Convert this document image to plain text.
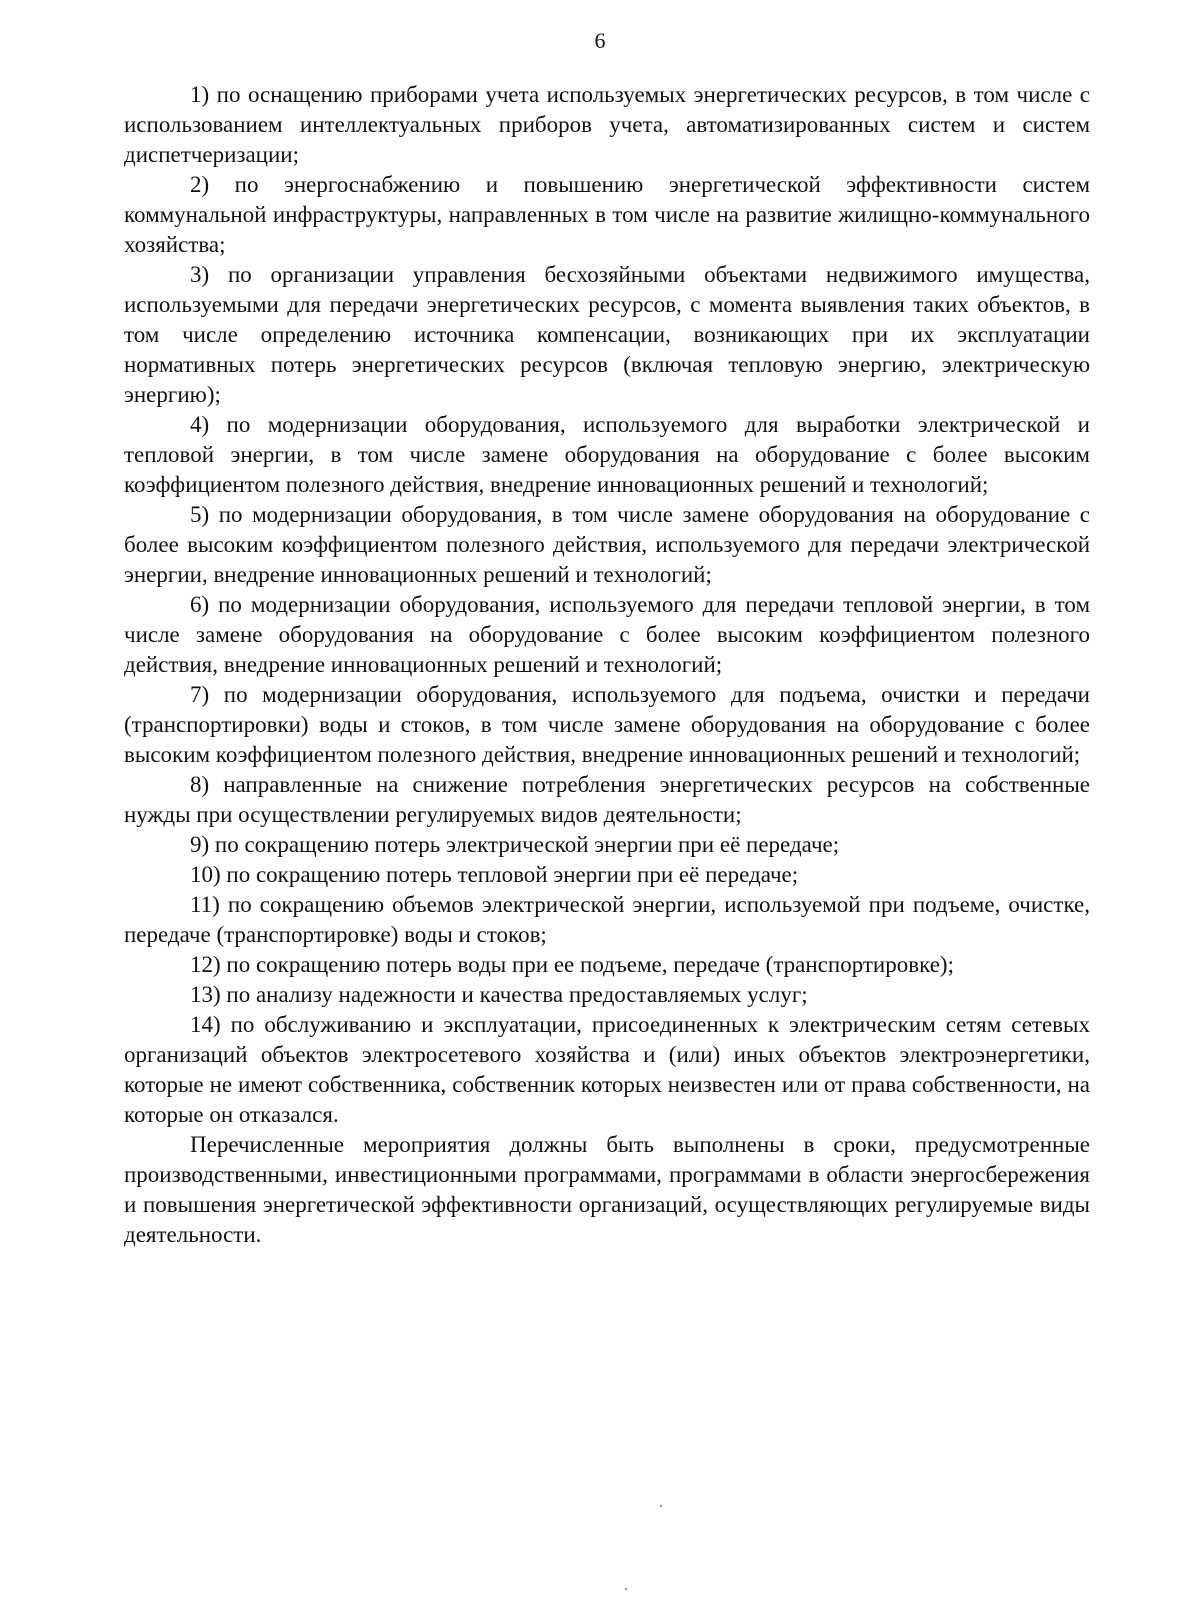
6

1) по оснащению приборами учета используемых энергетических ресурсов, в том числе с использованием интеллектуальных приборов учета, автоматизированных систем и систем диспетчеризации;

2) по энергоснабжению и повышению энергетической эффективности систем коммунальной инфраструктуры, направленных в том числе на развитие жилищно-коммунального хозяйства;

3) по организации управления бесхозяйными объектами недвижимого имущества, используемыми для передачи энергетических ресурсов, с момента выявления таких объектов, в том числе определению источника компенсации, возникающих при их эксплуатации нормативных потерь энергетических ресурсов (включая тепловую энергию, электрическую энергию);

4) по модернизации оборудования, используемого для выработки электрической и тепловой энергии, в том числе замене оборудования на оборудование с более высоким коэффициентом полезного действия, внедрение инновационных решений и технологий;

5) по модернизации оборудования, в том числе замене оборудования на оборудование с более высоким коэффициентом полезного действия, используемого для передачи электрической энергии, внедрение инновационных решений и технологий;

6) по модернизации оборудования, используемого для передачи тепловой энергии, в том числе замене оборудования на оборудование с более высоким коэффициентом полезного действия, внедрение инновационных решений и технологий;

7) по модернизации оборудования, используемого для подъема, очистки и передачи (транспортировки) воды и стоков, в том числе замене оборудования на оборудование с более высоким коэффициентом полезного действия, внедрение инновационных решений и технологий;

8) направленные на снижение потребления энергетических ресурсов на собственные нужды при осуществлении регулируемых видов деятельности;

9) по сокращению потерь электрической энергии при её передаче;

10) по сокращению потерь тепловой энергии при её передаче;

11) по сокращению объемов электрической энергии, используемой при подъеме, очистке, передаче (транспортировке) воды и стоков;

12) по сокращению потерь воды при ее подъеме, передаче (транспортировке);

13) по анализу надежности и качества предоставляемых услуг;

14) по обслуживанию и эксплуатации, присоединенных к электрическим сетям сетевых организаций объектов электросетевого хозяйства и (или) иных объектов электроэнергетики, которые не имеют собственника, собственник которых неизвестен или от права собственности, на которые он отказался.

Перечисленные мероприятия должны быть выполнены в сроки, предусмотренные производственными, инвестиционными программами, программами в области энергосбережения и повышения энергетической эффективности организаций, осуществляющих регулируемые виды деятельности.
